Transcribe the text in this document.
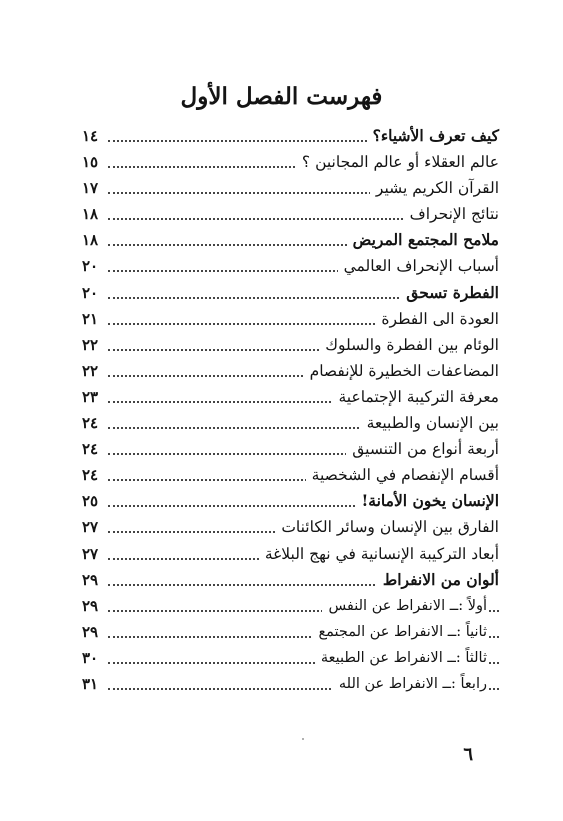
فهرست الفصل الأول
١٤	كيف تعرف الأشياء؟
١٥	عالم العقلاء أو عالم المجانين ؟
١٧	القرآن الكريم يشير
١٨	نتائج الإنحراف
١٨	ملامح المجتمع المريض
٢٠	أسباب الإنحراف العالمي
٢٠	الفطرة تسحق
٢١	العودة الى الفطرة
٢٢	الوئام بين الفطرة والسلوك
٢٢	المضاعفات الخطيرة للإنفصام
٢٣	معرفة التركيبة الإجتماعية
٢٤	بين الإنسان والطبيعة
٢٤	أربعة أنواع من التنسيق
٢٤	أقسام الإنفصام في الشخصية
٢٥	الإنسان يخون الأمانة!
٢٧	الفارق بين الإنسان وسائر الكائنات
٢٧	أبعاد التركيبة الإنسانية في نهج البلاغة
٢٩	ألوان من الانفراط
٢٩	أولاً :ــ الانفراط عن النفس
٢٩	ثانياً :ــ الانفراط عن المجتمع
٣٠	ثالثاً :ــ الانفراط عن الطبيعة
٣١	رابعاً :ــ الانفراط عن الله
٦
